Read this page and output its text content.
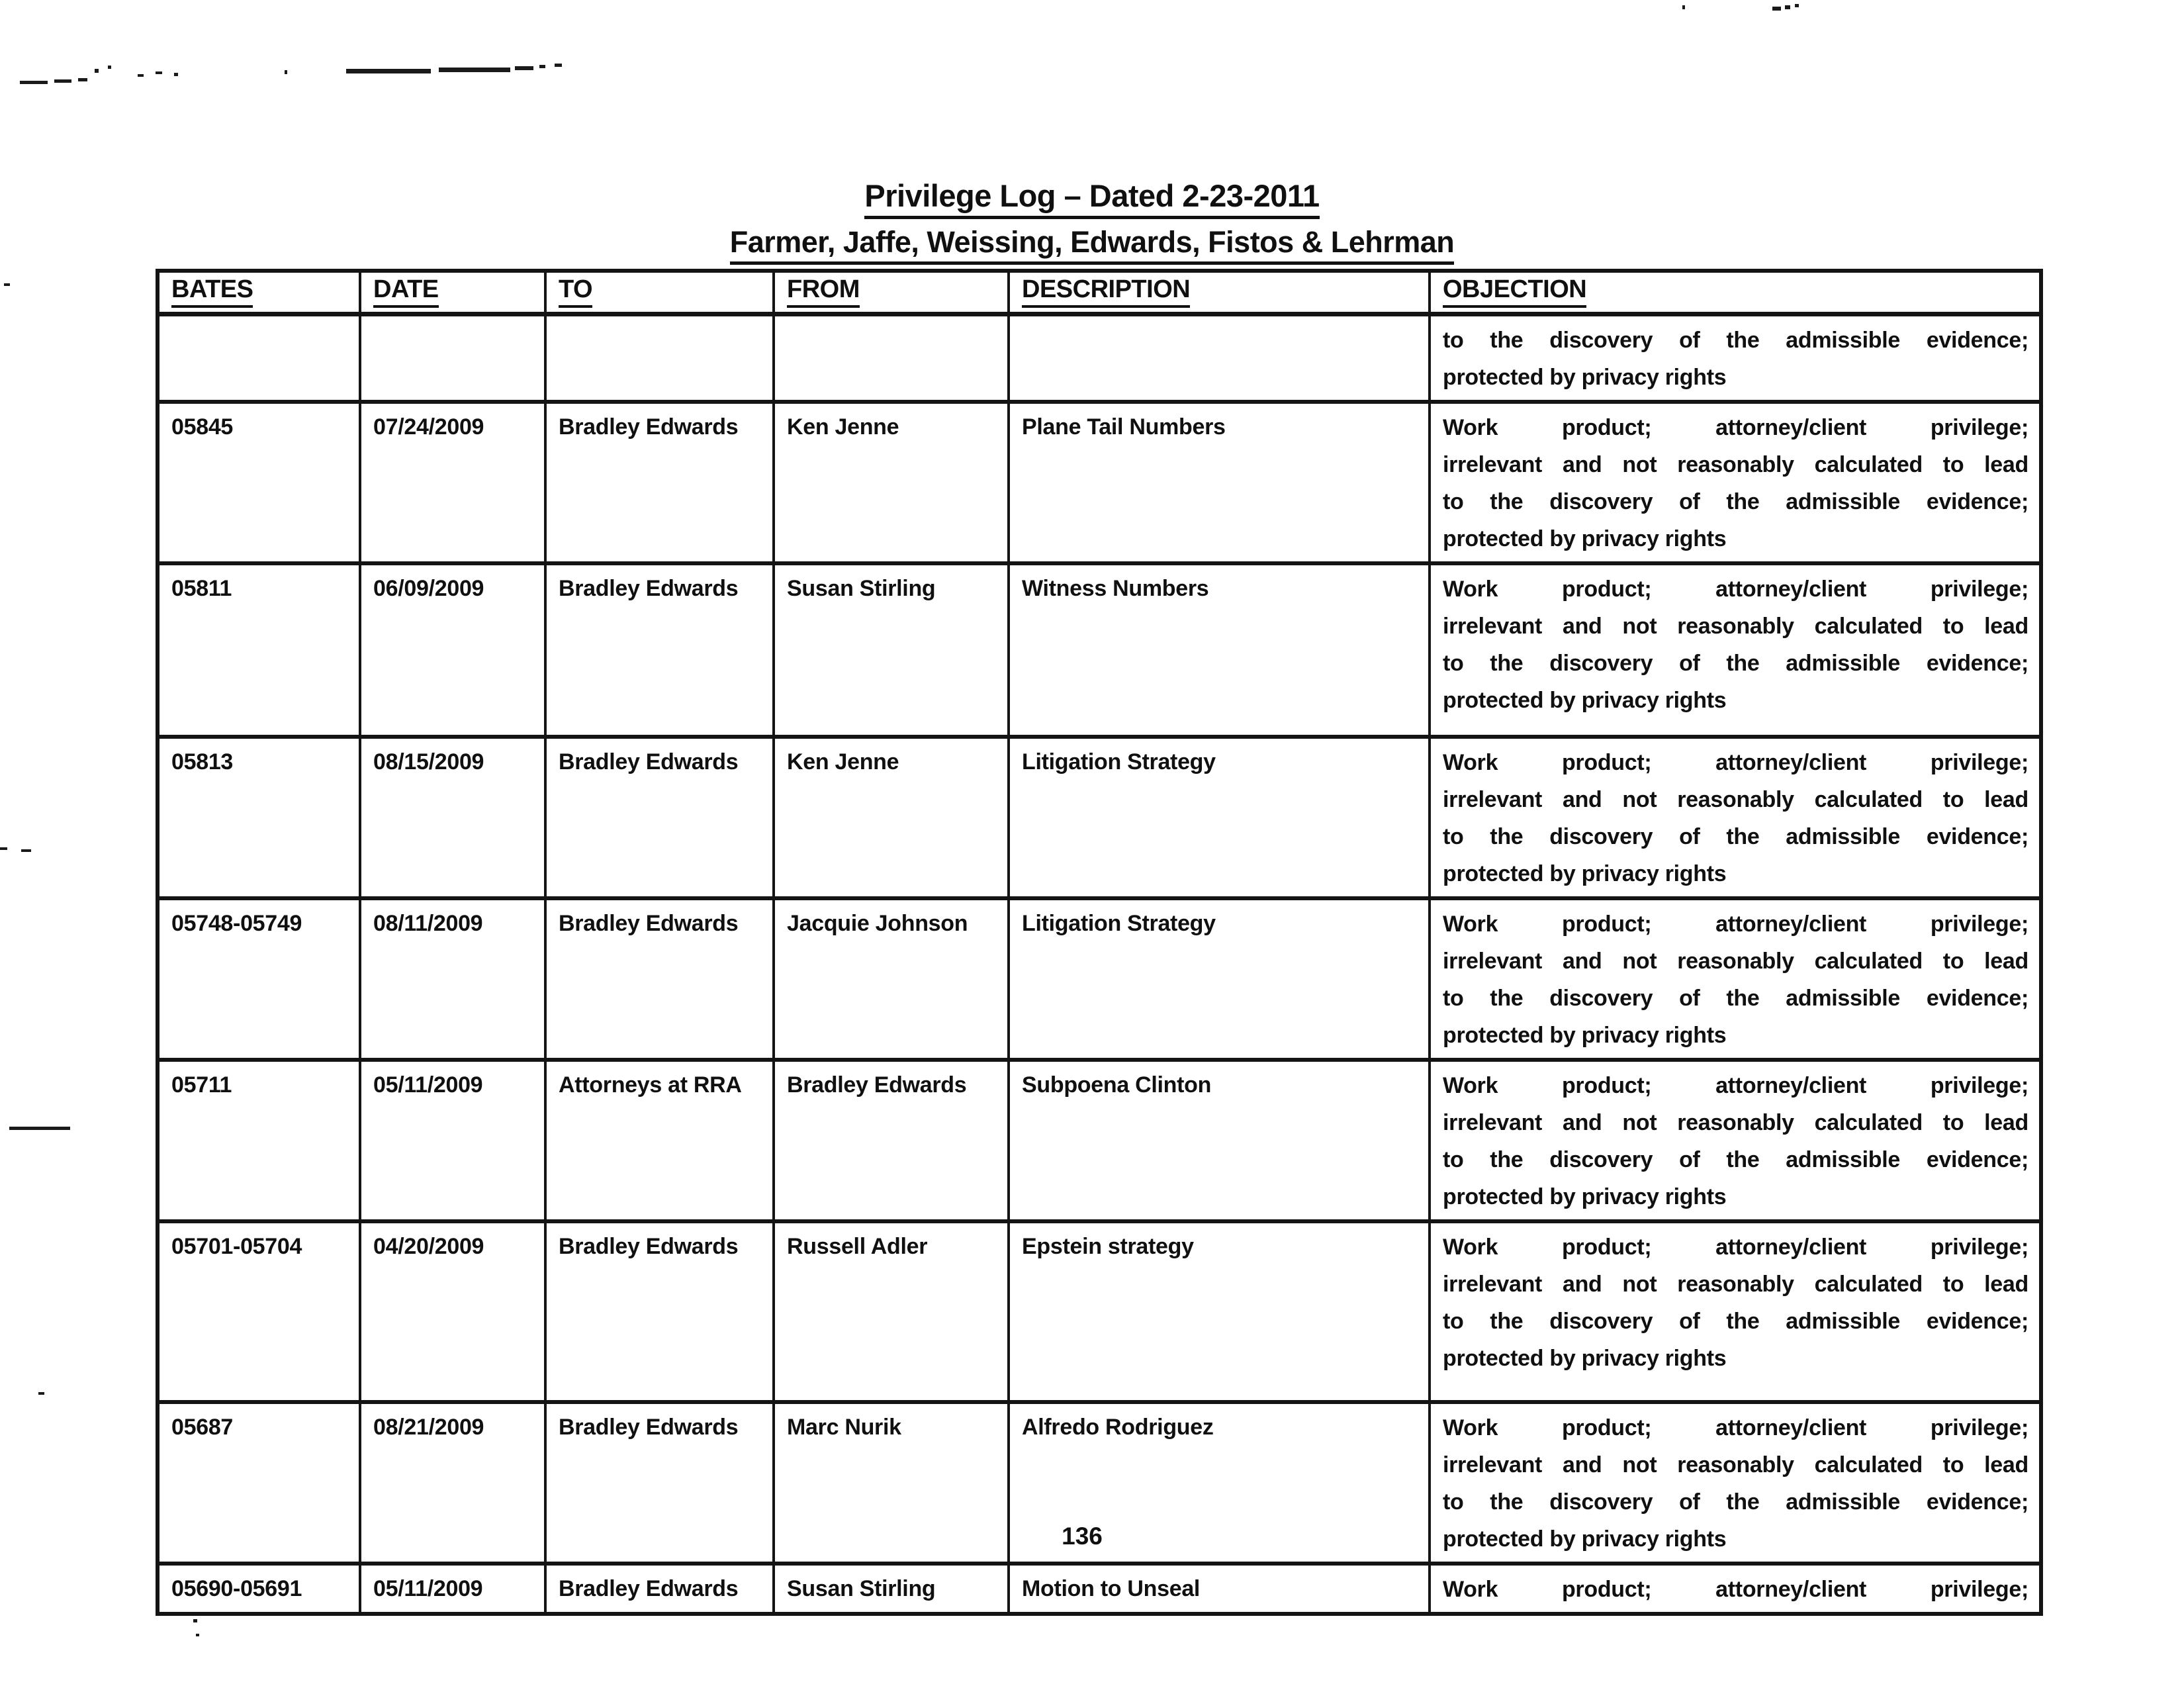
Privilege Log – Dated 2-23-2011
Farmer, Jaffe, Weissing, Edwards, Fistos & Lehrman
BATES	DATE	TO	FROM	DESCRIPTION	OBJECTION

					to the discovery of the admissible evidence;
protected by privacy rights

05845	07/24/2009	Bradley Edwards	Ken Jenne	Plane Tail Numbers	Work product; attorney/client privilege;
irrelevant and not reasonably calculated to lead
to the discovery of the admissible evidence;
protected by privacy rights

05811	06/09/2009	Bradley Edwards	Susan Stirling	Witness Numbers	Work product; attorney/client privilege;
irrelevant and not reasonably calculated to lead
to the discovery of the admissible evidence;
protected by privacy rights

05813	08/15/2009	Bradley Edwards	Ken Jenne	Litigation Strategy	Work product; attorney/client privilege;
irrelevant and not reasonably calculated to lead
to the discovery of the admissible evidence;
protected by privacy rights

05748-05749	08/11/2009	Bradley Edwards	Jacquie Johnson	Litigation Strategy	Work product; attorney/client privilege;
irrelevant and not reasonably calculated to lead
to the discovery of the admissible evidence;
protected by privacy rights

05711	05/11/2009	Attorneys at RRA	Bradley Edwards	Subpoena Clinton	Work product; attorney/client privilege;
irrelevant and not reasonably calculated to lead
to the discovery of the admissible evidence;
protected by privacy rights

05701-05704	04/20/2009	Bradley Edwards	Russell Adler	Epstein strategy	Work product; attorney/client privilege;
irrelevant and not reasonably calculated to lead
to the discovery of the admissible evidence;
protected by privacy rights

05687	08/21/2009	Bradley Edwards	Marc Nurik	Alfredo Rodriguez	Work product; attorney/client privilege;
irrelevant and not reasonably calculated to lead
to the discovery of the admissible evidence;
protected by privacy rights

05690-05691	05/11/2009	Bradley Edwards	Susan Stirling	Motion to Unseal	Work product; attorney/client privilege;
136
